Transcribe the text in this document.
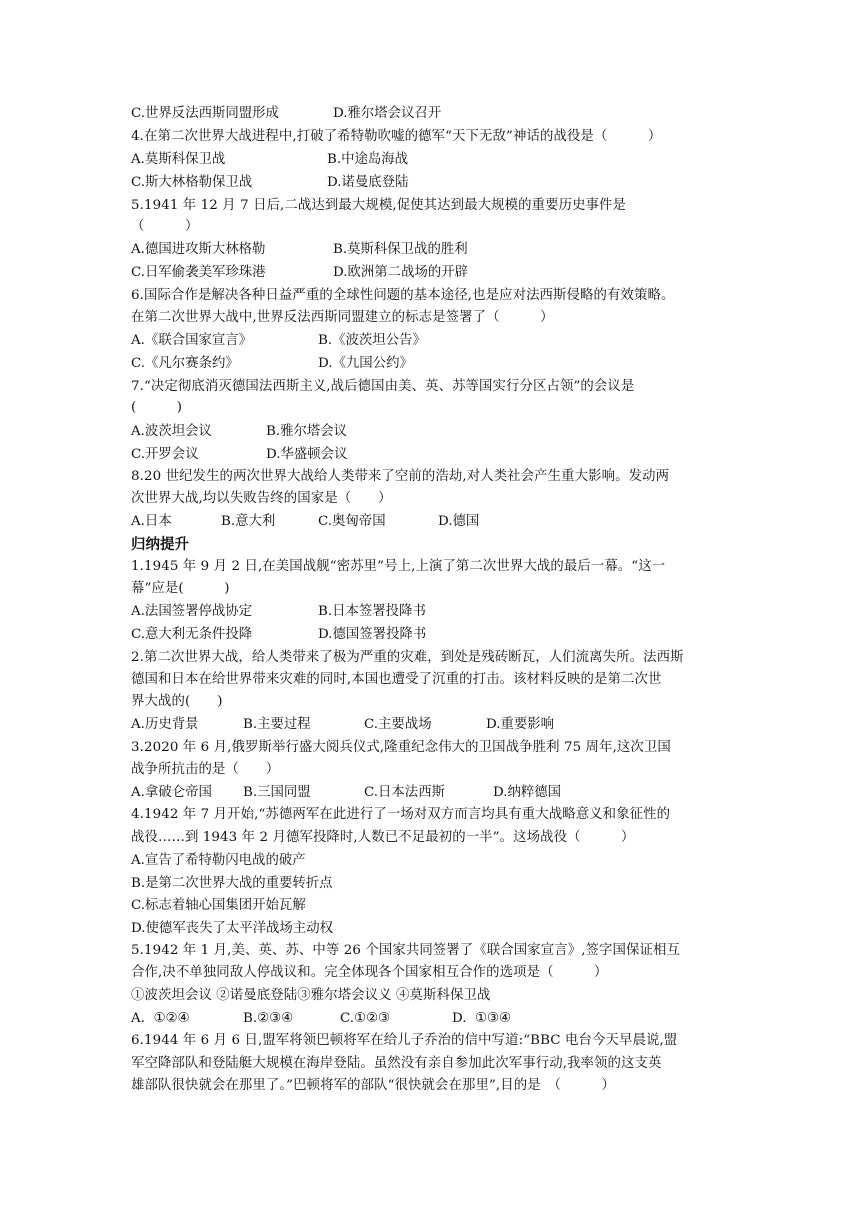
C.世界反法西斯同盟形成	D.雅尔塔会议召开
4.在第二次世界大战进程中,打破了希特勒吹嘘的德军“天下无敌”神话的战役是（　　　）
A.莫斯科保卫战	B.中途岛海战
C.斯大林格勒保卫战	D.诺曼底登陆
5.1941 年 12 月 7 日后,二战达到最大规模,促使其达到最大规模的重要历史事件是
（　　　）
A.德国进攻斯大林格勒	B.莫斯科保卫战的胜利
C.日军偷袭美军珍珠港	D.欧洲第二战场的开辟
6.国际合作是解决各种日益严重的全球性问题的基本途径,也是应对法西斯侵略的有效策略。
在第二次世界大战中,世界反法西斯同盟建立的标志是签署了（　　　）
A.《联合国家宣言》	B.《波茨坦公告》
C.《凡尔赛条约》	D.《九国公约》
7.“决定彻底消灭德国法西斯主义,战后德国由美、英、苏等国实行分区占领”的会议是
(　　　)
A.波茨坦会议	B.雅尔塔会议
C.开罗会议	D.华盛顿会议
8.20 世纪发生的两次世界大战给人类带来了空前的浩劫,对人类社会产生重大影响。发动两
次世界大战,均以失败告终的国家是（　　）
A.日本	B.意大利	C.奥匈帝国	D.德国
归纳提升
1.1945 年 9 月 2 日,在美国战舰“密苏里”号上,上演了第二次世界大战的最后一幕。“这一
幕”应是(　　　)
A.法国签署停战协定	B.日本签署投降书
C.意大利无条件投降	D.德国签署投降书
2.第二次世界大战，给人类带来了极为严重的灾难，到处是残砖断瓦，人们流离失所。法西斯
德国和日本在给世界带来灾难的同时,本国也遭受了沉重的打击。该材料反映的是第二次世
界大战的(　　)
A.历史背景	B.主要过程	C.主要战场	D.重要影响
3.2020 年 6 月,俄罗斯举行盛大阅兵仪式,隆重纪念伟大的卫国战争胜利 75 周年,这次卫国
战争所抗击的是（　　）
A.拿破仑帝国 B.三国同盟	C.日本法西斯	D.纳粹德国
4.1942 年 7 月开始,“苏德两军在此进行了一场对双方而言均具有重大战略意义和象征性的
战役……到 1943 年 2 月德军投降时,人数已不足最初的一半”。这场战役（　　　）
A.宣告了希特勒闪电战的破产
B.是第二次世界大战的重要转折点
C.标志着轴心国集团开始瓦解
D.使德军丧失了太平洋战场主动权
5.1942 年 1 月,美、英、苏、中等 26 个国家共同签署了《联合国家宣言》,签字国保证相互
合作,决不单独同敌人停战议和。完全体现各个国家相互合作的选项是（　　　）
①波茨坦会议 ②诺曼底登陆③雅尔塔会议义 ④莫斯科保卫战
A.  ①②④	B.②③④	C.①②③	D.  ①③④
6.1944 年 6 月 6 日,盟军将领巴顿将军在给儿子乔治的信中写道:“BBC 电台今天早晨说,盟
军空降部队和登陆艇大规模在海岸登陆。虽然没有亲自参加此次军事行动,我率领的这支英
雄部队很快就会在那里了。”巴顿将军的部队“很快就会在那里”,目的是　（　　　）
